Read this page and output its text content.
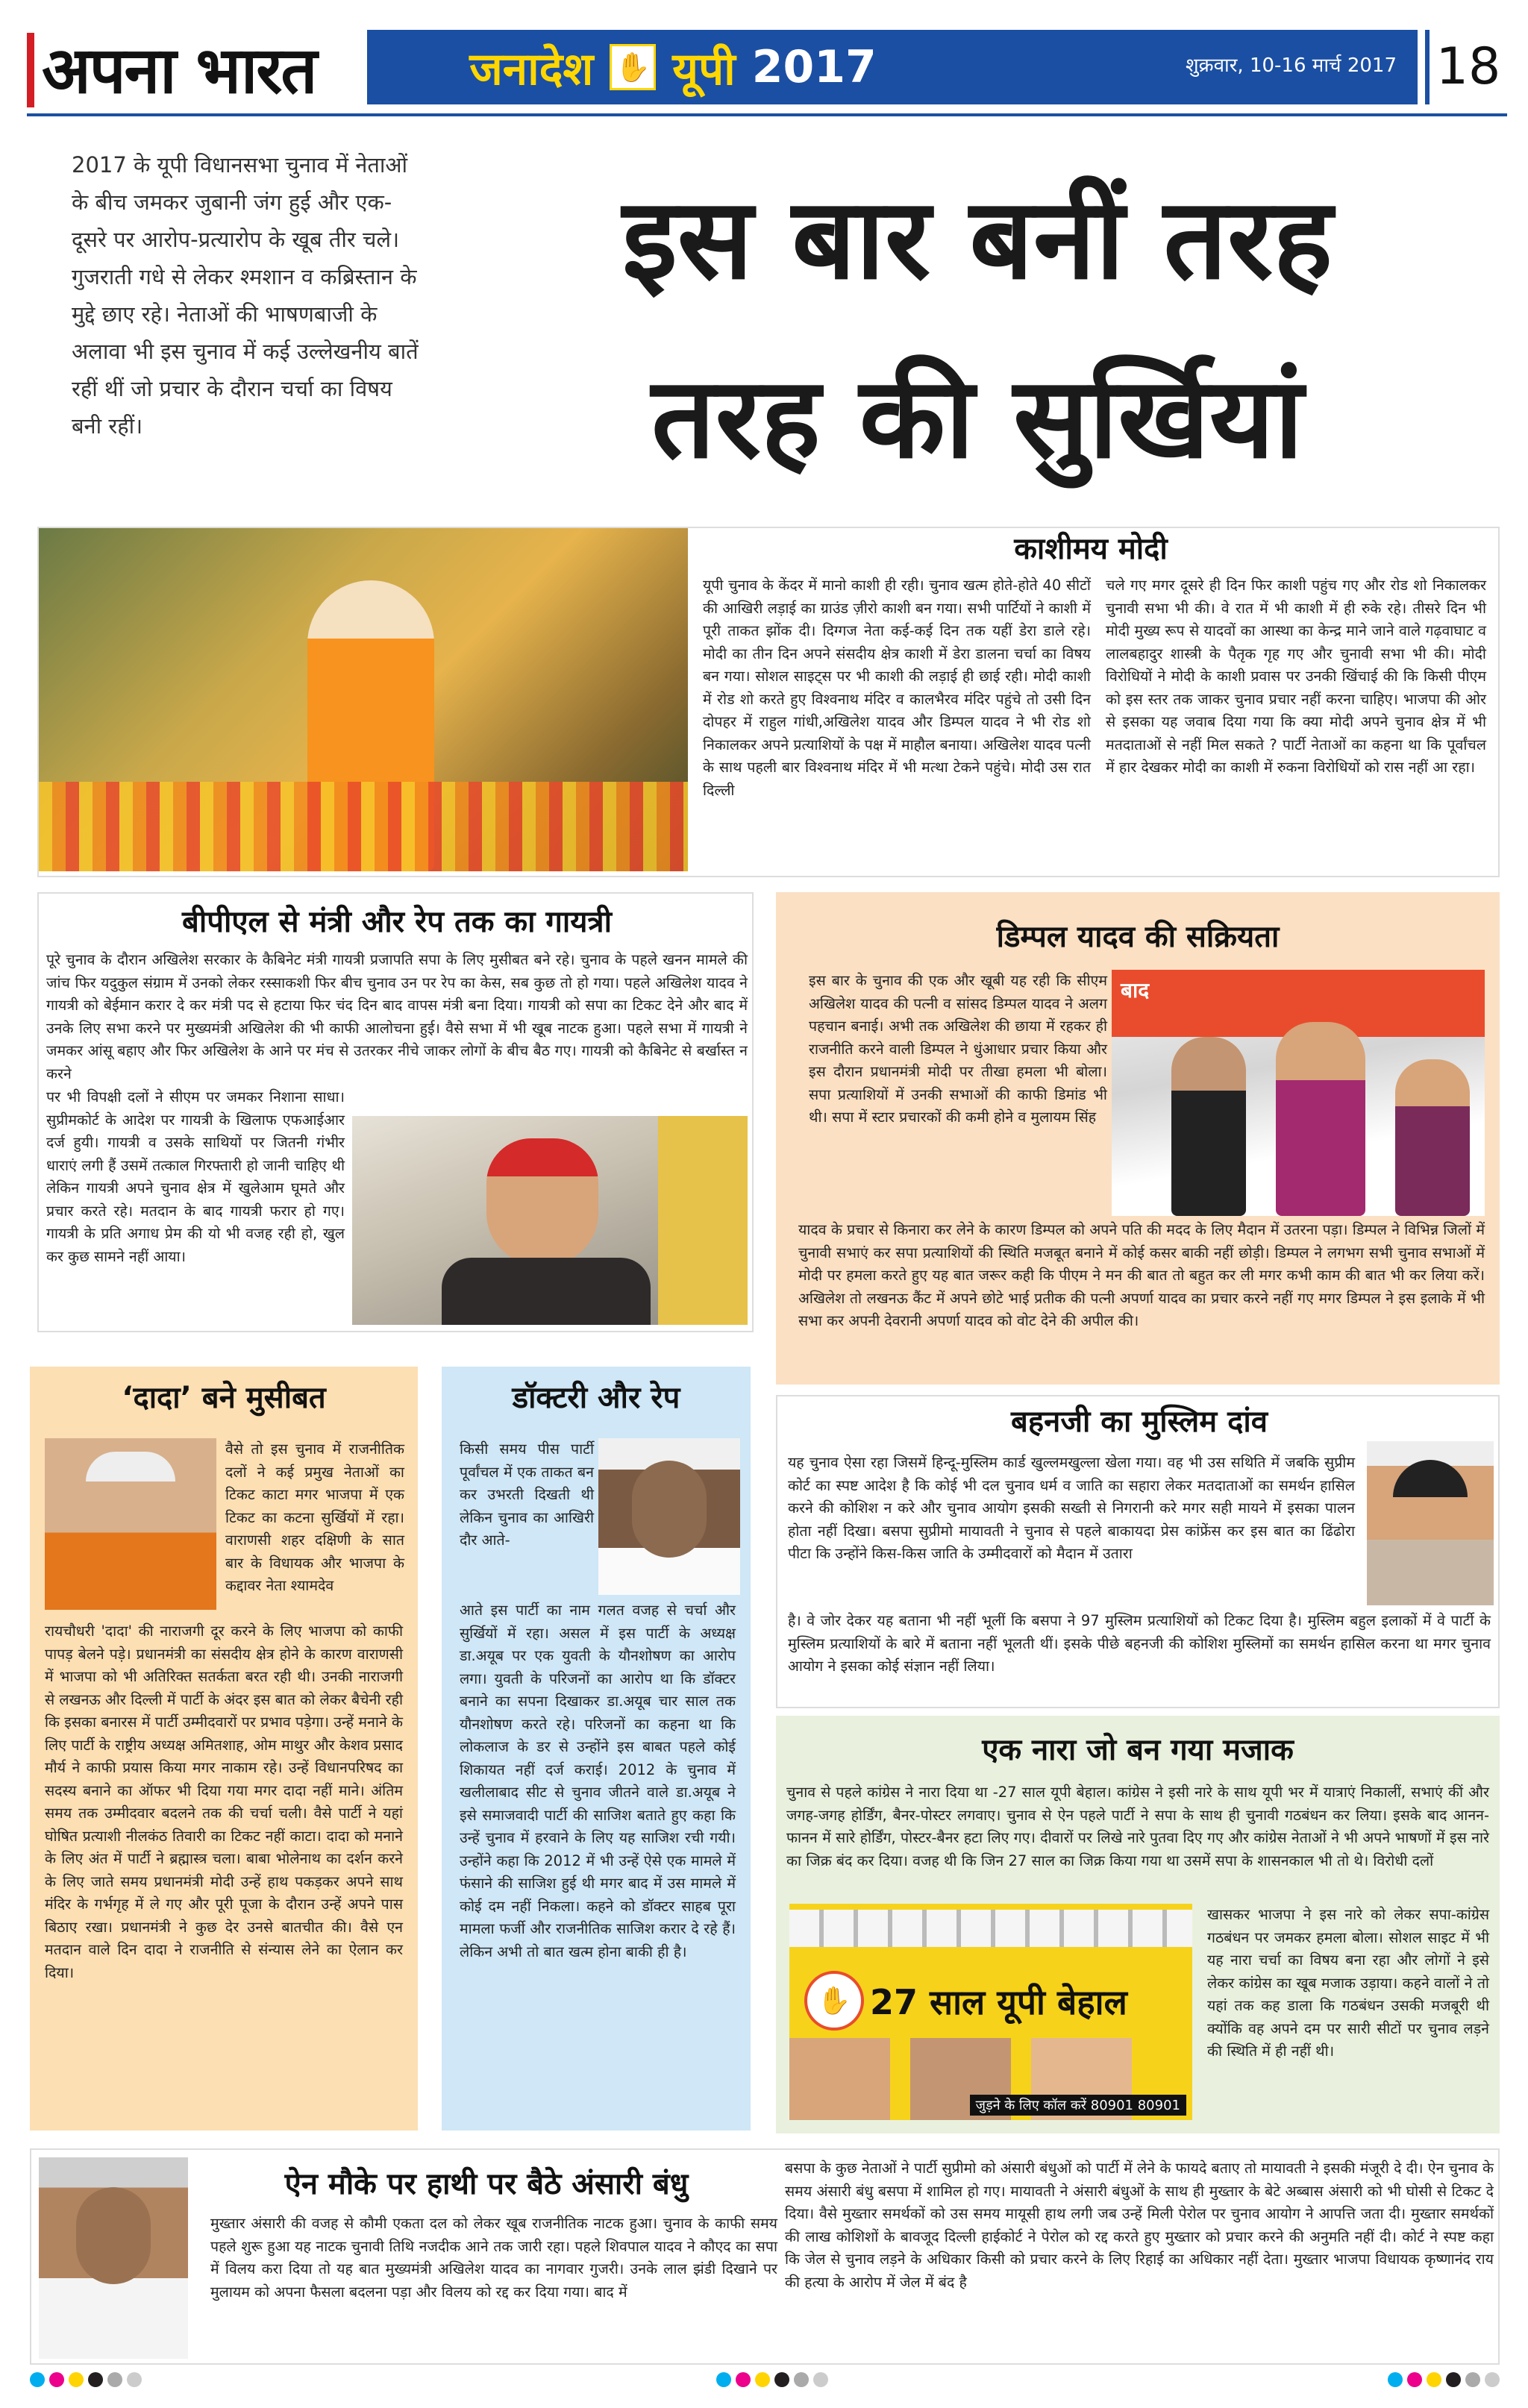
अपना भारत	जनादेश ✋ यूपी 2017	शुक्रवार, 10-16 मार्च 2017 18
2017 के यूपी विधानसभा चुनाव में नेताओं के बीच जमकर जुबानी जंग हुई और एक-दूसरे पर आरोप-प्रत्यारोप के खूब तीर चले। गुजराती गधे से लेकर श्मशान व कब्रिस्तान के मुद्दे छाए रहे। नेताओं की भाषणबाजी के अलावा भी इस चुनाव में कई उल्लेखनीय बातें रहीं थीं जो प्रचार के दौरान चर्चा का विषय बनी रहीं।
इस बार बनीं तरह
तरह की सुर्खियां
काशीमय मोदी
यूपी चुनाव के केंदर में मानो काशी ही रही। चुनाव खत्म होते-होते 40 सीटों की आखिरी लड़ाई का ग्राउंड ज़ीरो काशी बन गया। सभी पार्टियों ने काशी में पूरी ताकत झोंक दी। दिग्गज नेता कई-कई दिन तक यहीं डेरा डाले रहे। मोदी का तीन दिन अपने संसदीय क्षेत्र काशी में डेरा डालना चर्चा का विषय बन गया। सोशल साइट्स पर भी काशी की लड़ाई ही छाई रही। मोदी काशी में रोड शो करते हुए विश्वनाथ मंदिर व कालभैरव मंदिर पहुंचे तो उसी दिन दोपहर में राहुल गांधी,अखिलेश यादव और डिम्पल यादव ने भी रोड शो निकालकर अपने प्रत्याशियों के पक्ष में माहौल बनाया। अखिलेश यादव पत्नी के साथ पहली बार विश्वनाथ मंदिर में भी मत्था टेकने पहुंचे। मोदी उस रात दिल्ली
चले गए मगर दूसरे ही दिन फिर काशी पहुंच गए और रोड शो निकालकर चुनावी सभा भी की। वे रात में भी काशी में ही रुके रहे। तीसरे दिन भी मोदी मुख्य रूप से यादवों का आस्था का केन्द्र माने जाने वाले गढ़वाघाट व लालबहादुर शास्त्री के पैतृक गृह गए और चुनावी सभा भी की। मोदी विरोधियों ने मोदी के काशी प्रवास पर उनकी खिंचाई की कि किसी पीएम को इस स्तर तक जाकर चुनाव प्रचार नहीं करना चाहिए। भाजपा की ओर से इसका यह जवाब दिया गया कि क्या मोदी अपने चुनाव क्षेत्र में भी मतदाताओं से नहीं मिल सकते ? पार्टी नेताओं का कहना था कि पूर्वांचल में हार देखकर मोदी का काशी में रुकना विरोधियों को रास नहीं आ रहा।
बीपीएल से मंत्री और रेप तक का गायत्री
पूरे चुनाव के दौरान अखिलेश सरकार के कैबिनेट मंत्री गायत्री प्रजापति सपा के लिए मुसीबत बने रहे। चुनाव के पहले खनन मामले की जांच फिर यदुकुल संग्राम में उनको लेकर रस्साकशी फिर बीच चुनाव उन पर रेप का केस, सब कुछ तो हो गया। पहले अखिलेश यादव ने गायत्री को बेईमान करार दे कर मंत्री पद से हटाया फिर चंद दिन बाद वापस मंत्री बना दिया। गायत्री को सपा का टिकट देने और बाद में उनके लिए सभा करने पर मुख्यमंत्री अखिलेश की भी काफी आलोचना हुई। वैसे सभा में भी खूब नाटक हुआ। पहले सभा में गायत्री ने जमकर आंसू बहाए और फिर अखिलेश के आने पर मंच से उतरकर नीचे जाकर लोगों के बीच बैठ गए। गायत्री को कैबिनेट से बर्खास्त न करने
पर भी विपक्षी दलों ने सीएम पर जमकर निशाना साधा। सुप्रीमकोर्ट के आदेश पर गायत्री के खिलाफ एफआईआर दर्ज हुयी। गायत्री व उसके साथियों पर जितनी गंभीर धाराएं लगी हैं उसमें तत्काल गिरफ्तारी हो जानी चाहिए थी लेकिन गायत्री अपने चुनाव क्षेत्र में खुलेआम घूमते और प्रचार करते रहे। मतदान के बाद गायत्री फरार हो गए। गायत्री के प्रति अगाध प्रेम की यो भी वजह रही हो, खुल कर कुछ सामने नहीं आया।
डिम्पल यादव की सक्रियता
इस बार के चुनाव की एक और खूबी यह रही कि सीएम अखिलेश यादव की पत्नी व सांसद डिम्पल यादव ने अलग पहचान बनाई। अभी तक अखिलेश की छाया में रहकर ही राजनीति करने वाली डिम्पल ने धुंआधार प्रचार किया और इस दौरान प्रधानमंत्री मोदी पर तीखा हमला भी बोला। सपा प्रत्याशियों में उनकी सभाओं की काफी डिमांड भी थी। सपा में स्टार प्रचारकों की कमी होने व मुलायम सिंह
बाद
यादव के प्रचार से किनारा कर लेने के कारण डिम्पल को अपने पति की मदद के लिए मैदान में उतरना पड़ा। डिम्पल ने विभिन्न जिलों में चुनावी सभाएं कर सपा प्रत्याशियों की स्थिति मजबूत बनाने में कोई कसर बाकी नहीं छोड़ी। डिम्पल ने लगभग सभी चुनाव सभाओं में मोदी पर हमला करते हुए यह बात जरूर कही कि पीएम ने मन की बात तो बहुत कर ली मगर कभी काम की बात भी कर लिया करें। अखिलेश तो लखनऊ कैंट में अपने छोटे भाई प्रतीक की पत्नी अपर्णा यादव का प्रचार करने नहीं गए मगर डिम्पल ने इस इलाके में भी सभा कर अपनी देवरानी अपर्णा यादव को वोट देने की अपील की।
‘दादा’ बने मुसीबत
वैसे तो इस चुनाव में राजनीतिक दलों ने कई प्रमुख नेताओं का टिकट काटा मगर भाजपा में एक टिकट का कटना सुर्खियों में रहा। वाराणसी शहर दक्षिणी के सात बार के विधायक और भाजपा के कद्दावर नेता श्यामदेव
रायचौधरी 'दादा' की नाराजगी दूर करने के लिए भाजपा को काफी पापड़ बेलने पड़े। प्रधानमंत्री का संसदीय क्षेत्र होने के कारण वाराणसी में भाजपा को भी अतिरिक्त सतर्कता बरत रही थी। उनकी नाराजगी से लखनऊ और दिल्ली में पार्टी के अंदर इस बात को लेकर बैचेनी रही कि इसका बनारस में पार्टी उम्मीदवारों पर प्रभाव पड़ेगा। उन्हें मनाने के लिए पार्टी के राष्ट्रीय अध्यक्ष अमितशाह, ओम माथुर और केशव प्रसाद मौर्य ने काफी प्रयास किया मगर नाकाम रहे। उन्हें विधानपरिषद का सदस्य बनाने का ऑफर भी दिया गया मगर दादा नहीं माने। अंतिम समय तक उम्मीदवार बदलने तक की चर्चा चली। वैसे पार्टी ने यहां घोषित प्रत्याशी नीलकंठ तिवारी का टिकट नहीं काटा। दादा को मनाने के लिए अंत में पार्टी ने ब्रह्मास्त्र चला। बाबा भोलेनाथ का दर्शन करने के लिए जाते समय प्रधानमंत्री मोदी उन्हें हाथ पकड़कर अपने साथ मंदिर के गर्भगृह में ले गए और पूरी पूजा के दौरान उन्हें अपने पास बिठाए रखा। प्रधानमंत्री ने कुछ देर उनसे बातचीत की। वैसे एन मतदान वाले दिन दादा ने राजनीति से संन्यास लेने का ऐलान कर दिया।
डॉक्टरी और रेप
किसी समय पीस पार्टी पूर्वांचल में एक ताकत बन कर उभरती दिखती थी लेकिन चुनाव का आखिरी दौर आते-
आते इस पार्टी का नाम गलत वजह से चर्चा और सुर्खियों में रहा। असल में इस पार्टी के अध्यक्ष डा.अयूब पर एक युवती के यौनशोषण का आरोप लगा। युवती के परिजनों का आरोप था कि डॉक्टर बनाने का सपना दिखाकर डा.अयूब चार साल तक यौनशोषण करते रहे। परिजनों का कहना था कि लोकलाज के डर से उन्होंने इस बाबत पहले कोई शिकायत नहीं दर्ज कराई। 2012 के चुनाव में खलीलाबाद सीट से चुनाव जीतने वाले डा.अयूब ने इसे समाजवादी पार्टी की साजिश बताते हुए कहा कि उन्हें चुनाव में हरवाने के लिए यह साजिश रची गयी। उन्होंने कहा कि 2012 में भी उन्हें ऐसे एक मामले में फंसाने की साजिश हुई थी मगर बाद में उस मामले में कोई दम नहीं निकला। कहने को डॉक्टर साहब पूरा मामला फर्जी और राजनीतिक साजिश करार दे रहे हैं। लेकिन अभी तो बात खत्म होना बाकी ही है।
बहनजी का मुस्लिम दांव
यह चुनाव ऐसा रहा जिसमें हिन्दू-मुस्लिम कार्ड खुल्लमखुल्ला खेला गया। वह भी उस सथिति में जबकि सुप्रीम कोर्ट का स्पष्ट आदेश है कि कोई भी दल चुनाव धर्म व जाति का सहारा लेकर मतदाताओं का समर्थन हासिल करने की कोशिश न करे और चुनाव आयोग इसकी सख्ती से निगरानी करे मगर सही मायने में इसका पालन होता नहीं दिखा। बसपा सुप्रीमो मायावती ने चुनाव से पहले बाकायदा प्रेस कांफ्रेंस कर इस बात का ढिंढोरा पीटा कि उन्होंने किस-किस जाति के उम्मीदवारों को मैदान में उतारा
है। वे जोर देकर यह बताना भी नहीं भूलीं कि बसपा ने 97 मुस्लिम प्रत्याशियों को टिकट दिया है। मुस्लिम बहुल इलाकों में वे पार्टी के मुस्लिम प्रत्याशियों के बारे में बताना नहीं भूलती थीं। इसके पीछे बहनजी की कोशिश मुस्लिमों का समर्थन हासिल करना था मगर चुनाव आयोग ने इसका कोई संज्ञान नहीं लिया।
एक नारा जो बन गया मजाक
चुनाव से पहले कांग्रेस ने नारा दिया था -27 साल यूपी बेहाल। कांग्रेस ने इसी नारे के साथ यूपी भर में यात्राएं निकालीं, सभाएं कीं और जगह-जगह होर्डिंग, बैनर-पोस्टर लगवाए। चुनाव से ऐन पहले पार्टी ने सपा के साथ ही चुनावी गठबंधन कर लिया। इसके बाद आनन-फानन में सारे होर्डिंग, पोस्टर-बैनर हटा लिए गए। दीवारों पर लिखे नारे पुतवा दिए गए और कांग्रेस नेताओं ने भी अपने भाषणों में इस नारे का जिक्र बंद कर दिया। वजह थी कि जिन 27 साल का जिक्र किया गया था उसमें सपा के शासनकाल भी तो थे। विरोधी दलों
✋ 27 साल यूपी बेहाल
जुड़ने के लिए कॉल करें 80901 80901
खासकर भाजपा ने इस नारे को लेकर सपा-कांग्रेस गठबंधन पर जमकर हमला बोला। सोशल साइट में भी यह नारा चर्चा का विषय बना रहा और लोगों ने इसे लेकर कांग्रेस का खूब मजाक उड़ाया। कहने वालों ने तो यहां तक कह डाला कि गठबंधन उसकी मजबूरी थी क्योंकि वह अपने दम पर सारी सीटों पर चुनाव लड़ने की स्थिति में ही नहीं थी।
ऐन मौके पर हाथी पर बैठे अंसारी बंधु
मुख्तार अंसारी की वजह से कौमी एकता दल को लेकर खूब राजनीतिक नाटक हुआ। चुनाव के काफी समय पहले शुरू हुआ यह नाटक चुनावी तिथि नजदीक आने तक जारी रहा। पहले शिवपाल यादव ने कौएद का सपा में विलय करा दिया तो यह बात मुख्यमंत्री अखिलेश यादव का नागवार गुजरी। उनके लाल झंडी दिखाने पर मुलायम को अपना फैसला बदलना पड़ा और विलय को रद्द कर दिया गया। बाद में
बसपा के कुछ नेताओं ने पार्टी सुप्रीमो को अंसारी बंधुओं को पार्टी में लेने के फायदे बताए तो मायावती ने इसकी मंजूरी दे दी। ऐन चुनाव के समय अंसारी बंधु बसपा में शामिल हो गए। मायावती ने अंसारी बंधुओं के साथ ही मुख्तार के बेटे अब्बास अंसारी को भी घोसी से टिकट दे दिया। वैसे मुख्तार समर्थकों को उस समय मायूसी हाथ लगी जब उन्हें मिली पेरोल पर चुनाव आयोग ने आपत्ति जता दी। मुख्तार समर्थकों की लाख कोशिशों के बावजूद दिल्ली हाईकोर्ट ने पेरोल को रद्द करते हुए मुख्तार को प्रचार करने की अनुमति नहीं दी। कोर्ट ने स्पष्ट कहा कि जेल से चुनाव लड़ने के अधिकार किसी को प्रचार करने के लिए रिहाई का अधिकार नहीं देता। मुख्तार भाजपा विधायक कृष्णानंद राय की हत्या के आरोप में जेल में बंद है
